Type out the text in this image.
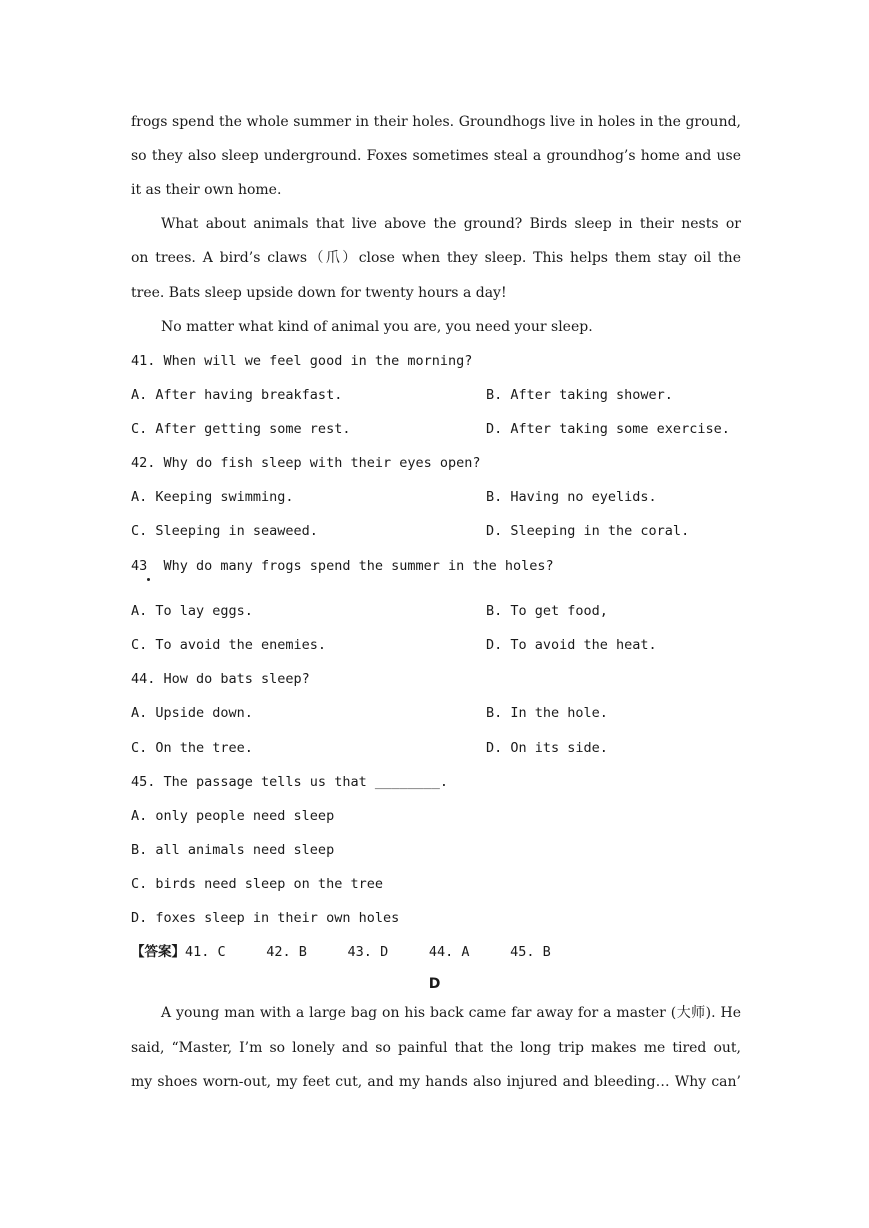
frogs spend the whole summer in their holes. Groundhogs live in holes in the ground,
so they also sleep underground. Foxes sometimes steal a groundhog’s home and use
it as their own home.
What about animals that live above the ground? Birds sleep in their nests or
on trees. A bird’s claws（爪）close when they sleep. This helps them stay oil the
tree. Bats sleep upside down for twenty hours a day!
No matter what kind of animal you are, you need your sleep.
41. When will we feel good in the morning?
A. After having breakfast.	B. After taking shower.
C. After getting some rest.	D. After taking some exercise.
42. Why do fish sleep with their eyes open?
A. Keeping swimming.	B. Having no eyelids.
C. Sleeping in seaweed.	D. Sleeping in the coral.
43  Why do many frogs spend the summer in the holes?
A. To lay eggs.	B. To get food,
C. To avoid the enemies.	D. To avoid the heat.
44. How do bats sleep?
A. Upside down.	B. In the hole.
C. On the tree.	D. On its side.
45. The passage tells us that ________.
A. only people need sleep
B. all animals need sleep
C. birds need sleep on the tree
D. foxes sleep in their own holes
【答案】41. C     42. B     43. D     44. A     45. B
D
A young man with a large bag on his back came far away for a master (大师). He
said, “Master, I’m so lonely and so painful that the long trip makes me tired out,
my shoes worn-out, my feet cut, and my hands also injured and bleeding… Why can’
